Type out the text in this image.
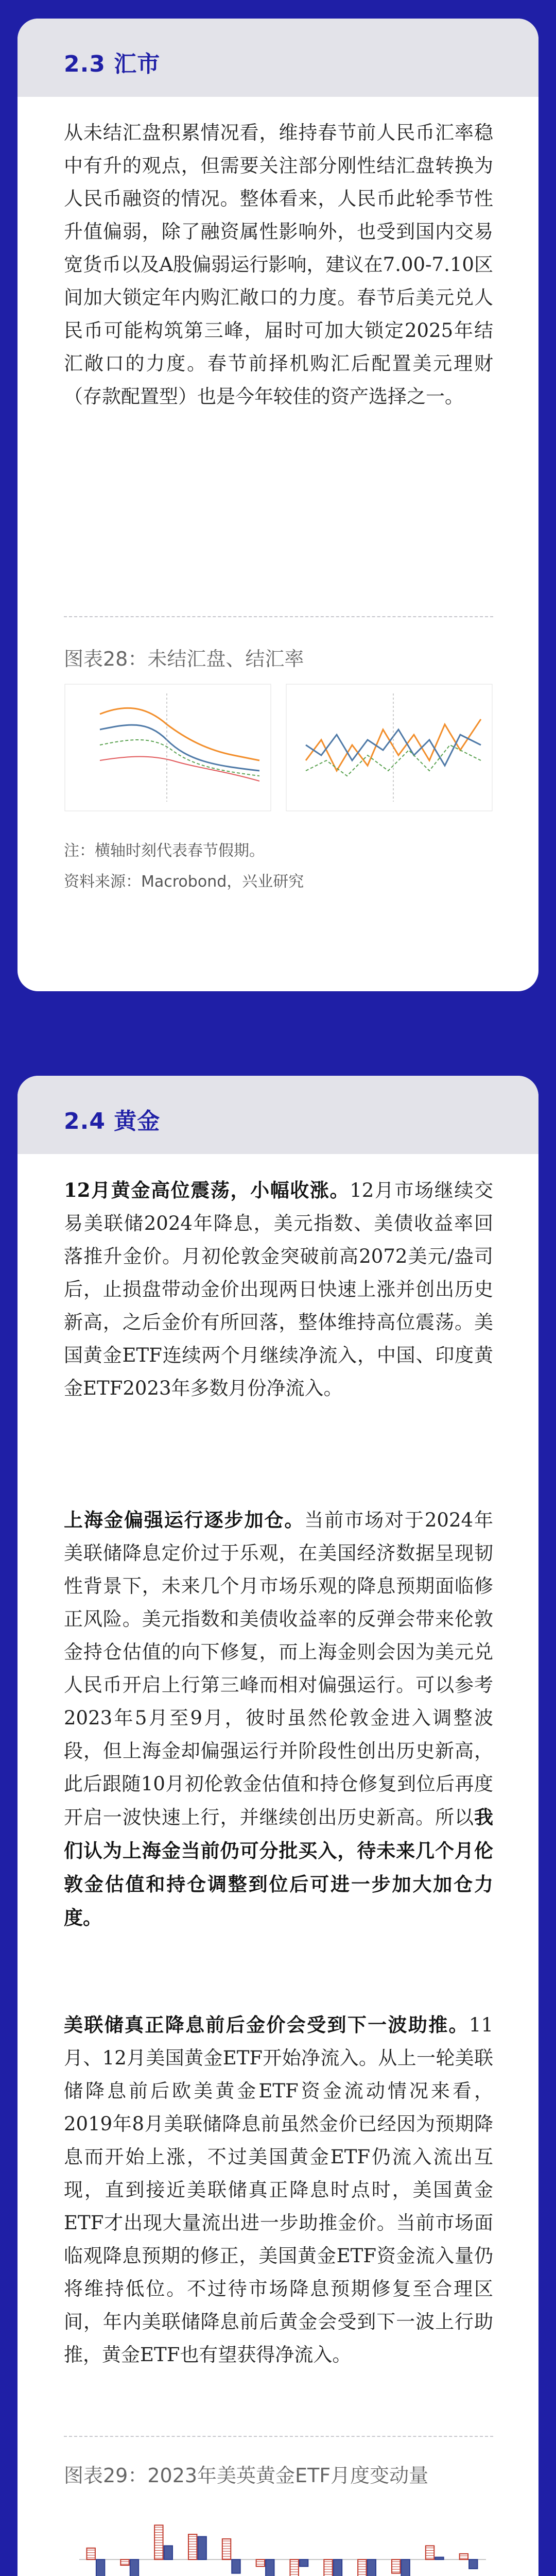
2.3 汇市

从未结汇盘积累情况看，维持春节前人民币汇率稳中有升的观点，但需要关注部分刚性结汇盘转换为人民币融资的情况。整体看来，人民币此轮季节性升值偏弱，除了融资属性影响外，也受到国内交易宽货币以及A股偏弱运行影响，建议在7.00-7.10区间加大锁定年内购汇敞口的力度。春节后美元兑人民币可能构筑第三峰，届时可加大锁定2025年结汇敞口的力度。春节前择机购汇后配置美元理财（存款配置型）也是今年较佳的资产选择之一。

图表28：未结汇盘、结汇率
注：横轴时刻代表春节假期。
资料来源：Macrobond，兴业研究
2.4 黄金

12月黄金高位震荡，小幅收涨。12月市场继续交易美联储2024年降息，美元指数、美债收益率回落推升金价。月初伦敦金突破前高2072美元/盎司后，止损盘带动金价出现两日快速上涨并创出历史新高，之后金价有所回落，整体维持高位震荡。美国黄金ETF连续两个月继续净流入，中国、印度黄金ETF2023年多数月份净流入。

上海金偏强运行逐步加仓。当前市场对于2024年美联储降息定价过于乐观，在美国经济数据呈现韧性背景下，未来几个月市场乐观的降息预期面临修正风险。美元指数和美债收益率的反弹会带来伦敦金持仓估值的向下修复，而上海金则会因为美元兑人民币开启上行第三峰而相对偏强运行。可以参考2023年5月至9月，彼时虽然伦敦金进入调整波段，但上海金却偏强运行并阶段性创出历史新高，此后跟随10月初伦敦金估值和持仓修复到位后再度开启一波快速上行，并继续创出历史新高。所以我们认为上海金当前仍可分批买入，待未来几个月伦敦金估值和持仓调整到位后可进一步加大加仓力度。

美联储真正降息前后金价会受到下一波助推。11月、12月美国黄金ETF开始净流入。从上一轮美联储降息前后欧美黄金ETF资金流动情况来看，2019年8月美联储降息前虽然金价已经因为预期降息而开始上涨，不过美国黄金ETF仍流入流出互现，直到接近美联储真正降息时点时，美国黄金ETF才出现大量流出进一步助推金价。当前市场面临观降息预期的修正，美国黄金ETF资金流入量仍将维持低位。不过待市场降息预期修复至合理区间，年内美联储降息前后黄金会受到下一波上行助推，黄金ETF也有望获得净流入。

图表29：2023年美英黄金ETF月度变动量
